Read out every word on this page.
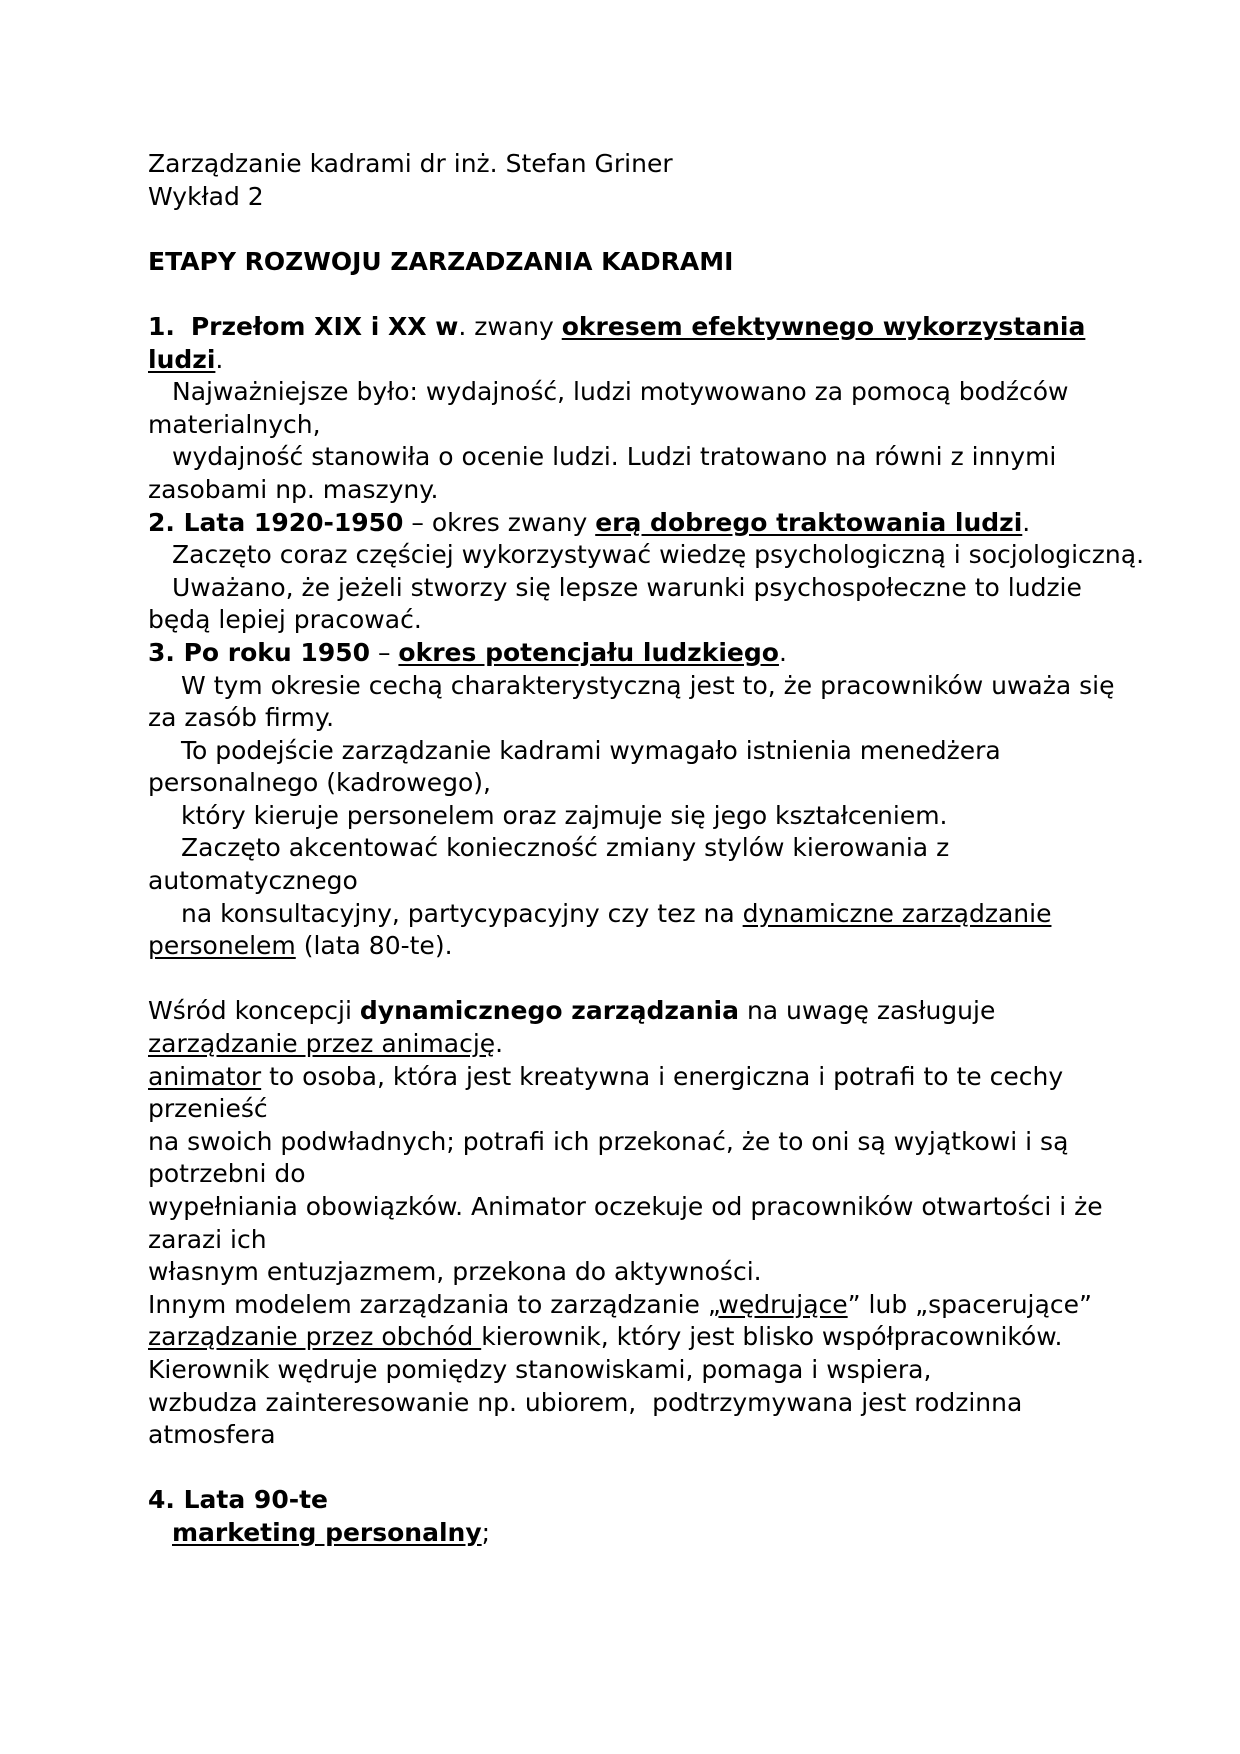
Zarządzanie kadrami dr inż. Stefan Griner
Wykład 2
ETAPY ROZWOJU ZARZADZANIA KADRAMI
1. Przełom XIX i XX w. zwany okresem efektywnego wykorzystania
ludzi.
Najważniejsze było: wydajność, ludzi motywowano za pomocą bodźców
materialnych,
wydajność stanowiła o ocenie ludzi. Ludzi tratowano na równi z innymi
zasobami np. maszyny.
2. Lata 1920-1950 – okres zwany erą dobrego traktowania ludzi.
Zaczęto coraz częściej wykorzystywać wiedzę psychologiczną i socjologiczną.
Uważano, że jeżeli stworzy się lepsze warunki psychospołeczne to ludzie
będą lepiej pracować.
3. Po roku 1950 – okres potencjału ludzkiego.
W tym okresie cechą charakterystyczną jest to, że pracowników uważa się
za zasób firmy.
To podejście zarządzanie kadrami wymagało istnienia menedżera
personalnego (kadrowego),
który kieruje personelem oraz zajmuje się jego kształceniem.
Zaczęto akcentować konieczność zmiany stylów kierowania z
automatycznego
na konsultacyjny, partycypacyjny czy tez na dynamiczne zarządzanie
personelem (lata 80-te).
Wśród koncepcji dynamicznego zarządzania na uwagę zasługuje
zarządzanie przez animację.
animator to osoba, która jest kreatywna i energiczna i potrafi to te cechy
przenieść
na swoich podwładnych; potrafi ich przekonać, że to oni są wyjątkowi i są
potrzebni do
wypełniania obowiązków. Animator oczekuje od pracowników otwartości i że
zarazi ich
własnym entuzjazmem, przekona do aktywności.
Innym modelem zarządzania to zarządzanie „wędrujące” lub „spacerujące”
zarządzanie przez obchód kierownik, który jest blisko współpracowników.
Kierownik wędruje pomiędzy stanowiskami, pomaga i wspiera,
wzbudza zainteresowanie np. ubiorem,  podtrzymywana jest rodzinna
atmosfera
4. Lata 90-te
marketing personalny;
